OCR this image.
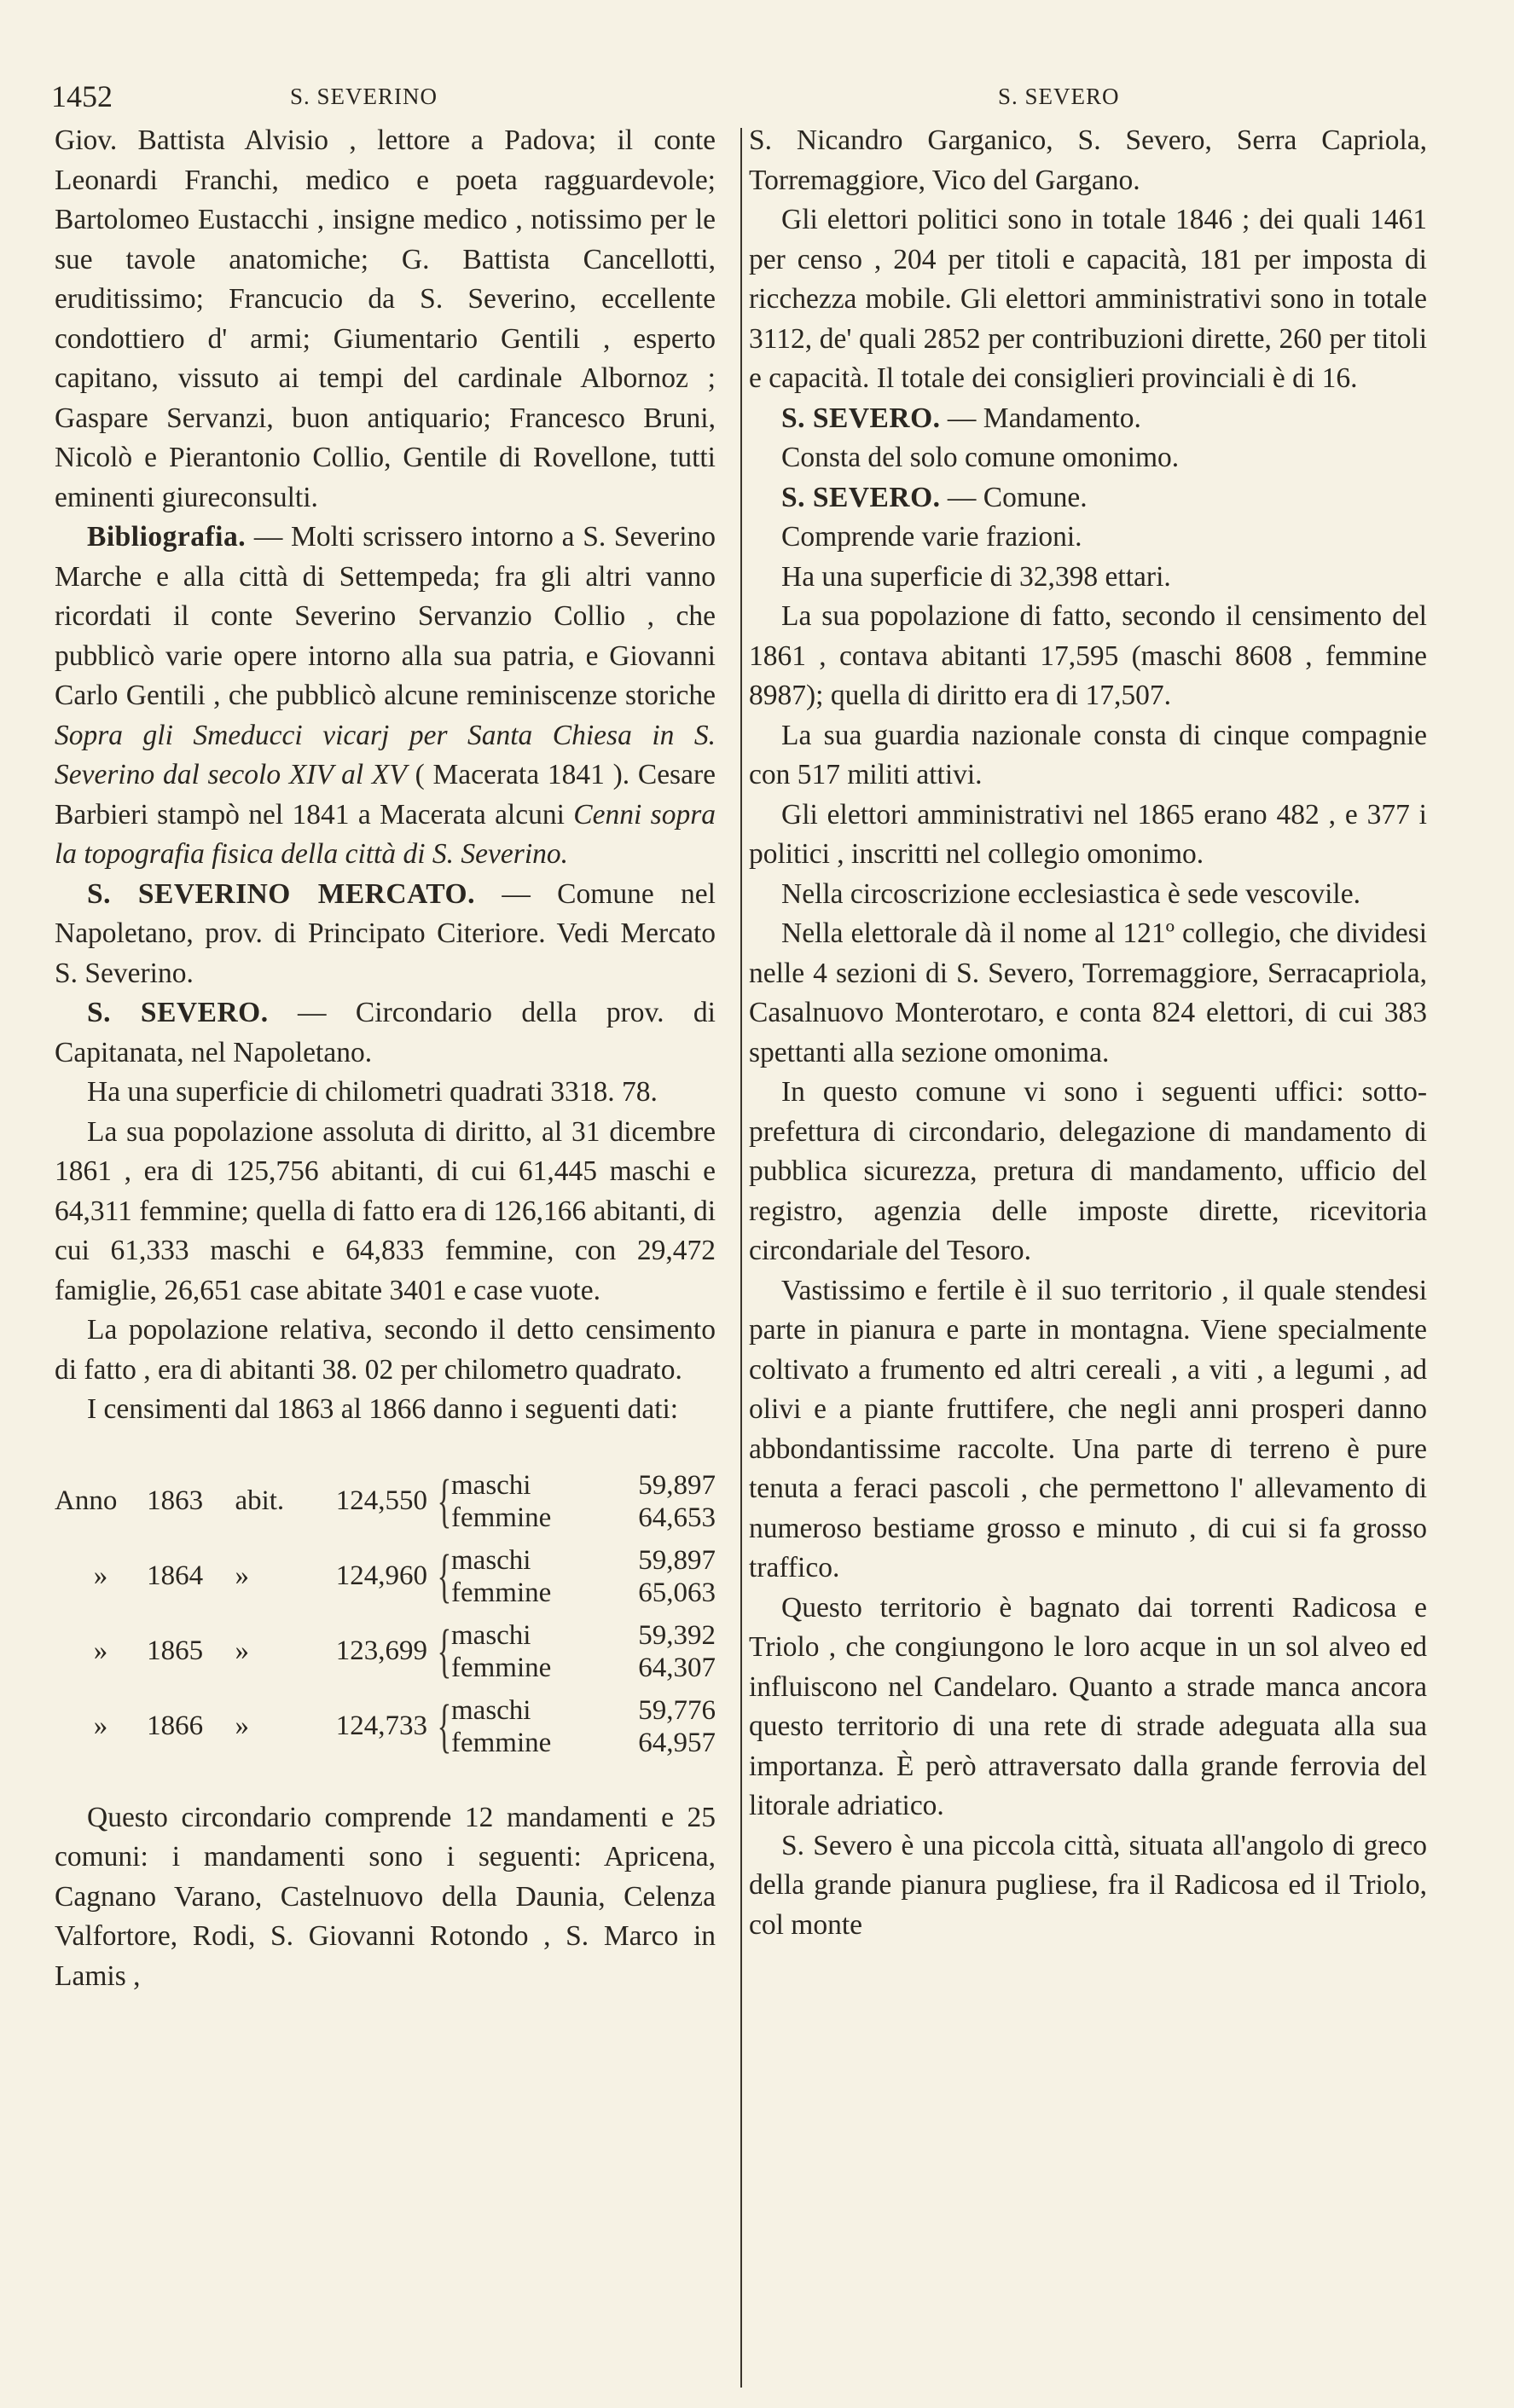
1452	S. SEVERINO	S. SEVERO

Giov. Battista Alvisio , lettore a Padova; il conte Leonardi Franchi, medico e poeta ragguardevole; Bartolomeo Eustacchi , insigne medico , notissimo per le sue tavole anatomiche; G. Battista Cancellotti, eruditissimo; Francucio da S. Severino, eccellente condottiero d' armi; Giumentario Gentili , esperto capitano, vissuto ai tempi del cardinale Albornoz ; Gaspare Servanzi, buon antiquario; Francesco Bruni, Nicolò e Pierantonio Collio, Gentile di Rovellone, tutti eminenti giureconsulti.

Bibliografia. — Molti scrissero intorno a S. Severino Marche e alla città di Settempeda; fra gli altri vanno ricordati il conte Severino Servanzio Collio , che pubblicò varie opere intorno alla sua patria, e Giovanni Carlo Gentili , che pubblicò alcune reminiscenze storiche Sopra gli Smeducci vicarj per Santa Chiesa in S. Severino dal secolo XIV al XV ( Macerata 1841 ). Cesare Barbieri stampò nel 1841 a Macerata alcuni Cenni sopra la topografia fisica della città di S. Severino.

S. SEVERINO MERCATO. — Comune nel Napoletano, prov. di Principato Citeriore. Vedi Mercato S. Severino.

S. SEVERO. — Circondario della prov. di Capitanata, nel Napoletano.

Ha una superficie di chilometri quadrati 3318. 78.

La sua popolazione assoluta di diritto, al 31 dicembre 1861 , era di 125,756 abitanti, di cui 61,445 maschi e 64,311 femmine; quella di fatto era di 126,166 abitanti, di cui 61,333 maschi e 64,833 femmine, con 29,472 famiglie, 26,651 case abitate 3401 e case vuote.

La popolazione relativa, secondo il detto censimento di fatto , era di abitanti 38. 02 per chilometro quadrato.

I censimenti dal 1863 al 1866 danno i seguenti dati:

Anno	1863	abit.	124,550 { maschi	59,897
femmine	64,653
»	1864	»	124,960 { maschi	59,897
femmine	65,063
»	1865	»	123,699 { maschi	59,392
femmine	64,307
»	1866	»	124,733 { maschi	59,776
femmine	64,957

Questo circondario comprende 12 mandamenti e 25 comuni: i mandamenti sono i seguenti: Apricena, Cagnano Varano, Castelnuovo della Daunia, Celenza Valfortore, Rodi, S. Giovanni Rotondo , S. Marco in Lamis ,

S. Nicandro Garganico, S. Severo, Serra Capriola, Torremaggiore, Vico del Gargano.

Gli elettori politici sono in totale 1846 ; dei quali 1461 per censo , 204 per titoli e capacità, 181 per imposta di ricchezza mobile. Gli elettori amministrativi sono in totale 3112, de' quali 2852 per contribuzioni dirette, 260 per titoli e capacità. Il totale dei consiglieri provinciali è di 16.

S. SEVERO. — Mandamento.

Consta del solo comune omonimo.

S. SEVERO. — Comune.

Comprende varie frazioni.

Ha una superficie di 32,398 ettari.

La sua popolazione di fatto, secondo il censimento del 1861 , contava abitanti 17,595 (maschi 8608 , femmine 8987); quella di diritto era di 17,507.

La sua guardia nazionale consta di cinque compagnie con 517 militi attivi.

Gli elettori amministrativi nel 1865 erano 482 , e 377 i politici , inscritti nel collegio omonimo.

Nella circoscrizione ecclesiastica è sede vescovile.

Nella elettorale dà il nome al 121º collegio, che dividesi nelle 4 sezioni di S. Severo, Torremaggiore, Serracapriola, Casalnuovo Monterotaro, e conta 824 elettori, di cui 383 spettanti alla sezione omonima.

In questo comune vi sono i seguenti uffici: sotto-prefettura di circondario, delegazione di mandamento di pubblica sicurezza, pretura di mandamento, ufficio del registro, agenzia delle imposte dirette, ricevitoria circondariale del Tesoro.

Vastissimo e fertile è il suo territorio , il quale stendesi parte in pianura e parte in montagna. Viene specialmente coltivato a frumento ed altri cereali , a viti , a legumi , ad olivi e a piante fruttifere, che negli anni prosperi danno abbondantissime raccolte. Una parte di terreno è pure tenuta a feraci pascoli , che permettono l' allevamento di numeroso bestiame grosso e minuto , di cui si fa grosso traffico.

Questo territorio è bagnato dai torrenti Radicosa e Triolo , che congiungono le loro acque in un sol alveo ed influiscono nel Candelaro. Quanto a strade manca ancora questo territorio di una rete di strade adeguata alla sua importanza. È però attraversato dalla grande ferrovia del litorale adriatico.

S. Severo è una piccola città, situata all'angolo di greco della grande pianura pugliese, fra il Radicosa ed il Triolo, col monte
